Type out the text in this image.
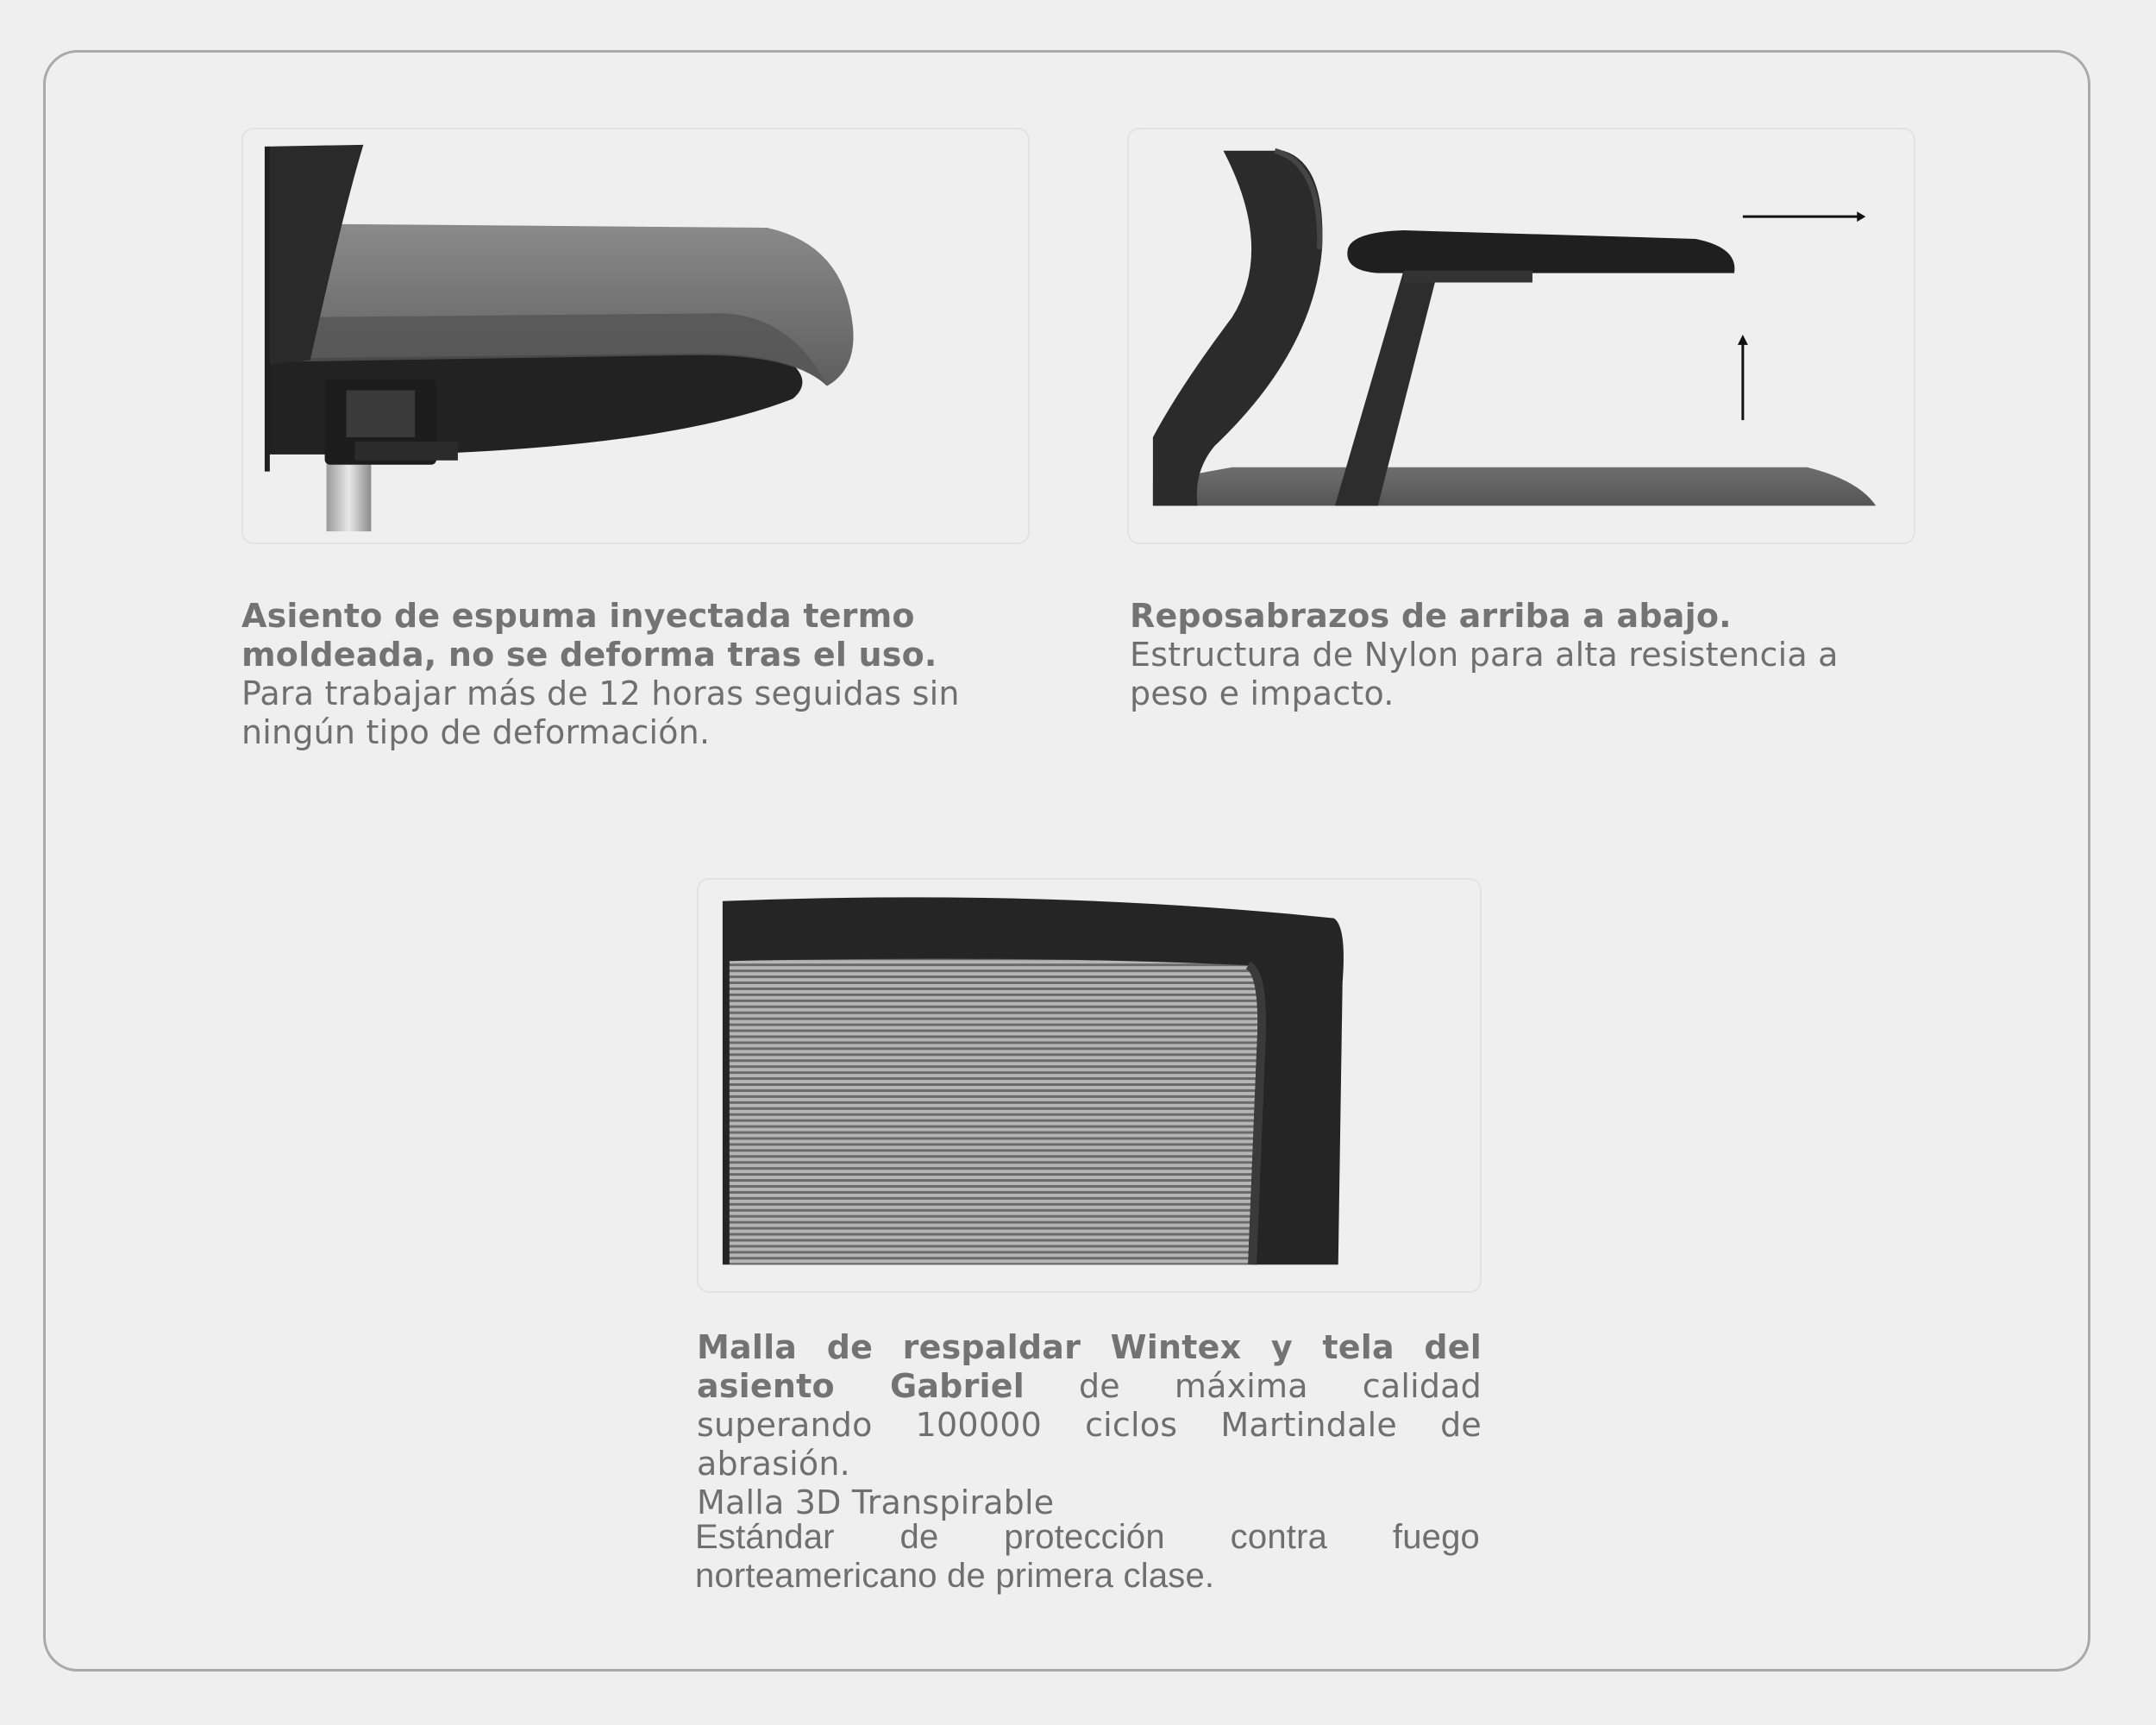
Asiento de espuma inyectada termo moldeada, no se deforma tras el uso. Para trabajar más de 12 horas seguidas sin ningún tipo de deformación.
Reposabrazos de arriba a abajo.
Estructura de Nylon para alta resistencia a peso e impacto.
Malla de respaldar Wintex y tela del asiento Gabriel de máxima calidad superando 100000 ciclos Martindale de abrasión.
Malla 3D Transpirable
Estándar de protección contra fuego
norteamericano de primera clase.
